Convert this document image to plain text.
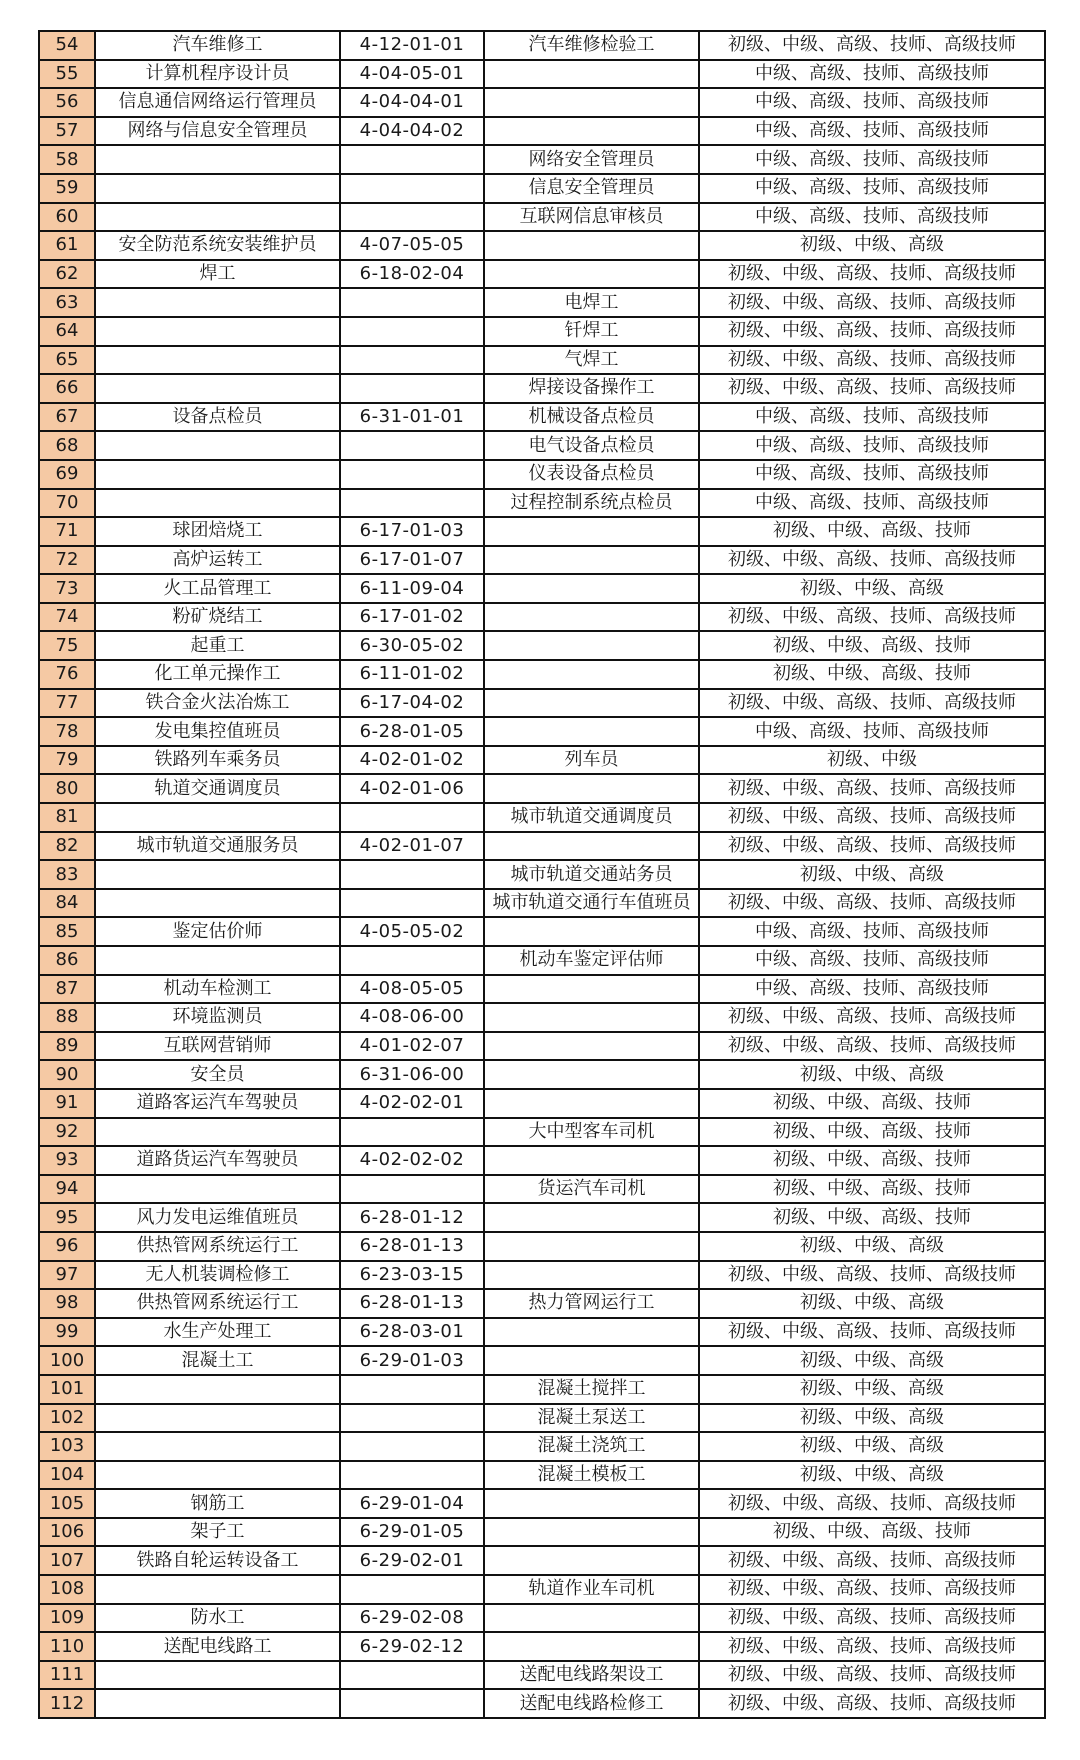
54	汽车维修工	4-12-01-01	汽车维修检验工	初级、中级、高级、技师、高级技师
55	计算机程序设计员	4-04-05-01		中级、高级、技师、高级技师
56	信息通信网络运行管理员	4-04-04-01		中级、高级、技师、高级技师
57	网络与信息安全管理员	4-04-04-02		中级、高级、技师、高级技师
58			网络安全管理员	中级、高级、技师、高级技师
59			信息安全管理员	中级、高级、技师、高级技师
60			互联网信息审核员	中级、高级、技师、高级技师
61	安全防范系统安装维护员	4-07-05-05		初级、中级、高级
62	焊工	6-18-02-04		初级、中级、高级、技师、高级技师
63			电焊工	初级、中级、高级、技师、高级技师
64			钎焊工	初级、中级、高级、技师、高级技师
65			气焊工	初级、中级、高级、技师、高级技师
66			焊接设备操作工	初级、中级、高级、技师、高级技师
67	设备点检员	6-31-01-01	机械设备点检员	中级、高级、技师、高级技师
68			电气设备点检员	中级、高级、技师、高级技师
69			仪表设备点检员	中级、高级、技师、高级技师
70			过程控制系统点检员	中级、高级、技师、高级技师
71	球团焙烧工	6-17-01-03		初级、中级、高级、技师
72	高炉运转工	6-17-01-07		初级、中级、高级、技师、高级技师
73	火工品管理工	6-11-09-04		初级、中级、高级
74	粉矿烧结工	6-17-01-02		初级、中级、高级、技师、高级技师
75	起重工	6-30-05-02		初级、中级、高级、技师
76	化工单元操作工	6-11-01-02		初级、中级、高级、技师
77	铁合金火法冶炼工	6-17-04-02		初级、中级、高级、技师、高级技师
78	发电集控值班员	6-28-01-05		中级、高级、技师、高级技师
79	铁路列车乘务员	4-02-01-02	列车员	初级、中级
80	轨道交通调度员	4-02-01-06		初级、中级、高级、技师、高级技师
81			城市轨道交通调度员	初级、中级、高级、技师、高级技师
82	城市轨道交通服务员	4-02-01-07		初级、中级、高级、技师、高级技师
83			城市轨道交通站务员	初级、中级、高级
84			城市轨道交通行车值班员	初级、中级、高级、技师、高级技师
85	鉴定估价师	4-05-05-02		中级、高级、技师、高级技师
86			机动车鉴定评估师	中级、高级、技师、高级技师
87	机动车检测工	4-08-05-05		中级、高级、技师、高级技师
88	环境监测员	4-08-06-00		初级、中级、高级、技师、高级技师
89	互联网营销师	4-01-02-07		初级、中级、高级、技师、高级技师
90	安全员	6-31-06-00		初级、中级、高级
91	道路客运汽车驾驶员	4-02-02-01		初级、中级、高级、技师
92			大中型客车司机	初级、中级、高级、技师
93	道路货运汽车驾驶员	4-02-02-02		初级、中级、高级、技师
94			货运汽车司机	初级、中级、高级、技师
95	风力发电运维值班员	6-28-01-12		初级、中级、高级、技师
96	供热管网系统运行工	6-28-01-13		初级、中级、高级
97	无人机装调检修工	6-23-03-15		初级、中级、高级、技师、高级技师
98	供热管网系统运行工	6-28-01-13	热力管网运行工	初级、中级、高级
99	水生产处理工	6-28-03-01		初级、中级、高级、技师、高级技师
100	混凝土工	6-29-01-03		初级、中级、高级
101			混凝土搅拌工	初级、中级、高级
102			混凝土泵送工	初级、中级、高级
103			混凝土浇筑工	初级、中级、高级
104			混凝土模板工	初级、中级、高级
105	钢筋工	6-29-01-04		初级、中级、高级、技师、高级技师
106	架子工	6-29-01-05		初级、中级、高级、技师
107	铁路自轮运转设备工	6-29-02-01		初级、中级、高级、技师、高级技师
108			轨道作业车司机	初级、中级、高级、技师、高级技师
109	防水工	6-29-02-08		初级、中级、高级、技师、高级技师
110	送配电线路工	6-29-02-12		初级、中级、高级、技师、高级技师
111			送配电线路架设工	初级、中级、高级、技师、高级技师
112			送配电线路检修工	初级、中级、高级、技师、高级技师
